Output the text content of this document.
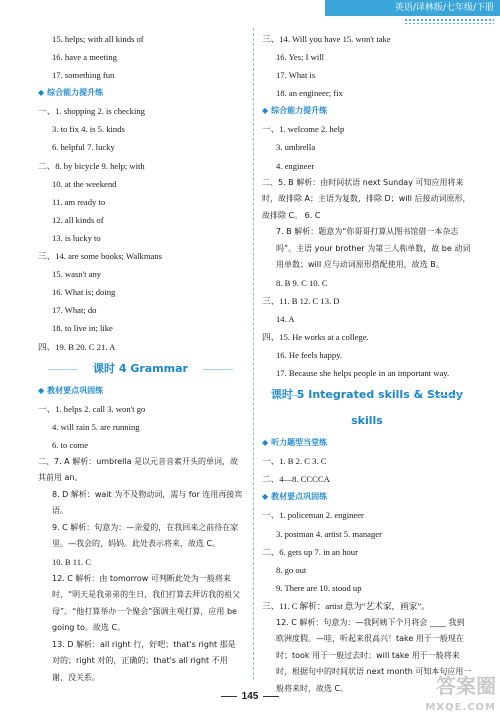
英语/译林版/七年级/下册
15. helps; with all kinds of
16. have a meeting
17. something fun
◆ 综合能力提升练
一、1. shopping 2. is checking
3. to fix 4. is 5. kinds
6. helpful 7. lucky
二、8. by bicycle 9. help; with
10. at the weekend
11. am ready to
12. all kinds of
13. is lucky to
三、14. are some books; Walkmans
15. wasn't any
16. What is; doing
17. What; do
18. to live in; like
四、19. B 20. C 21. A
课时 4 Grammar
◆ 教材要点巩固练
一、1. helps 2. call 3. won't go
4. will rain 5. are running
6. to come
二、7. A 解析：umbrella 是以元音音素开头的单词，故其前用 an。
8. D 解析：wait 为不及物动词，需与 for 连用再接宾语。
9. C 解析：句意为：—亲爱的，在我回来之前待在家里。—我会的，妈妈。此处表示将来，故选 C。
10. B 11. C
12. C 解析：由 tomorrow 可判断此处为一般将来时，“明天是我弟弟的生日，我们打算去拜访我的祖父母”。“他打算举办一个聚会”强调主观打算，应用 be going to。故选 C。
13. D 解析：all right 行，好吧；that's right 那是对的；right 对的，正确的；that's all right 不用谢，没关系。
三、14. Will you have 15. won't take
16. Yes; I will
17. What is
18. an engineer; fix
◆ 综合能力提升练
一、1. welcome 2. help
3. umbrella
4. engineer
二、5. B 解析：由时间状语 next Sunday 可知应用将来时，故排除 A；主语为复数，排除 D；will 后接动词原形，故排除 C。 6. C
7. B 解析：题意为“你哥哥打算从图书馆借一本杂志吗”。主语 your brother 为第三人称单数，故 be 动词用单数；will 应与动词原形搭配使用，故选 B。
8. B 9. C 10. C
三、11. B 12. C 13. D
14. A
四、15. He works at a college.
16. He feels happy.
17. Because she helps people in an important way.
课时 5 Integrated skills & Study skills
◆ 听力题型当堂练
一、1. B 2. C 3. C
二、4—8. CCCCA
◆ 教材要点巩固练
一、1. policeman 2. engineer
3. postman 4. artist 5. manager
二、6. gets up 7. in an hour
8. go out
9. There are 10. stood up
三、11. C 解析：artist 意为“艺术家，画家”。
12. C 解析：句意为：—我阿姨下个月将会 ____ 我到欧洲度假。—哇，听起来很高兴！take 用于一般现在时；took 用于一般过去时；will take 用于一般将来时，根据句中的时间状语 next month 可知本句应用一般将来时，故选 C。
145	答案圈
MXQE.COM
